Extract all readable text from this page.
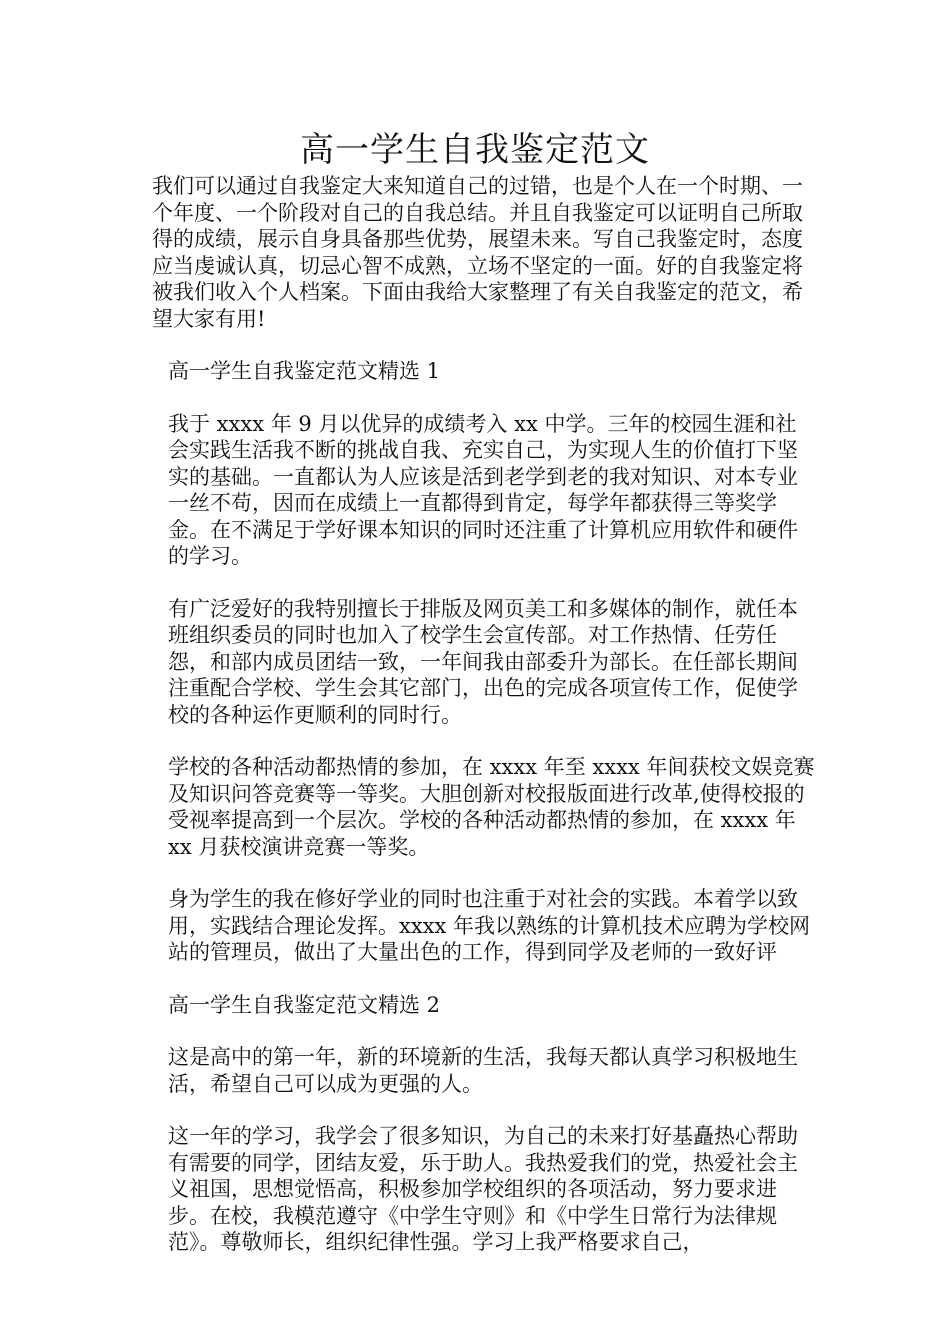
高一学生自我鉴定范文

我们可以通过自我鉴定大来知道自己的过错，也是个人在一个时期、一个年度、一个阶段对自己的自我总结。并且自我鉴定可以证明自己所取得的成绩，展示自身具备那些优势，展望未来。写自己我鉴定时，态度应当虔诚认真，切忌心智不成熟，立场不坚定的一面。好的自我鉴定将被我们收入个人档案。下面由我给大家整理了有关自我鉴定的范文，希望大家有用!

高一学生自我鉴定范文精选 1

我于 xxxx 年 9 月以优异的成绩考入 xx 中学。三年的校园生涯和社会实践生活我不断的挑战自我、充实自己，为实现人生的价值打下坚实的基础。一直都认为人应该是活到老学到老的我对知识、对本专业一丝不苟，因而在成绩上一直都得到肯定，每学年都获得三等奖学金。在不满足于学好课本知识的同时还注重了计算机应用软件和硬件的学习。

有广泛爱好的我特别擅长于排版及网页美工和多媒体的制作，就任本班组织委员的同时也加入了校学生会宣传部。对工作热情、任劳任怨，和部内成员团结一致，一年间我由部委升为部长。在任部长期间注重配合学校、学生会其它部门，出色的完成各项宣传工作，促使学校的各种运作更顺利的同时行。

学校的各种活动都热情的参加，在 xxxx 年至 xxxx 年间获校文娱竞赛及知识问答竞赛等一等奖。大胆创新对校报版面进行改革,使得校报的受视率提高到一个层次。学校的各种活动都热情的参加，在 xxxx 年 xx 月获校演讲竞赛一等奖。

身为学生的我在修好学业的同时也注重于对社会的实践。本着学以致用，实践结合理论发挥。xxxx 年我以熟练的计算机技术应聘为学校网站的管理员，做出了大量出色的工作，得到同学及老师的一致好评

高一学生自我鉴定范文精选 2

这是高中的第一年，新的环境新的生活，我每天都认真学习积极地生活，希望自己可以成为更强的人。

这一年的学习，我学会了很多知识，为自己的未来打好基矗热心帮助有需要的同学，团结友爱，乐于助人。我热爱我们的党，热爱社会主义祖国，思想觉悟高，积极参加学校组织的各项活动，努力要求进步。在校，我模范遵守《中学生守则》和《中学生日常行为法律规范》。尊敬师长，组织纪律性强。学习上我严格要求自己，
